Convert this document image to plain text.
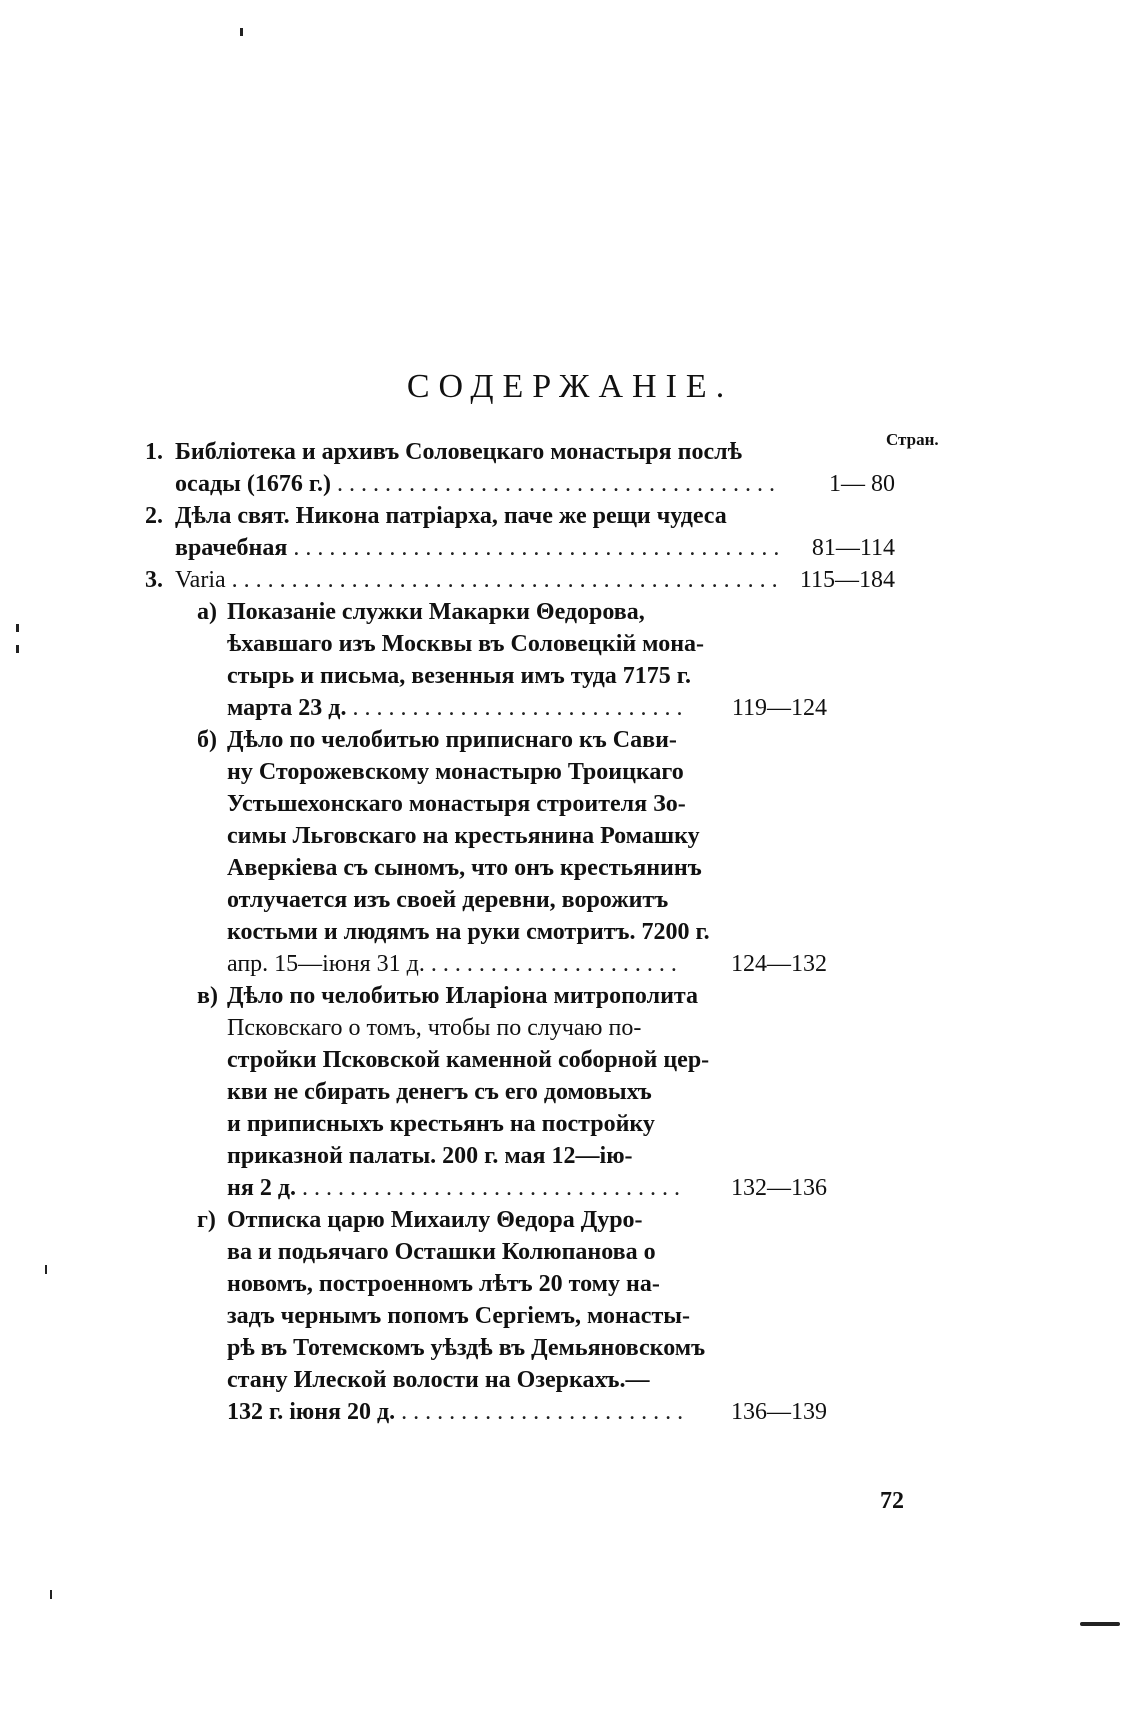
СОДЕРЖАНІЕ.
Стран.
1. Библіотека и архивъ Соловецкаго монастыря послѣ
осады (1676 г.) . . .	1— 80
2. Дѣла свят. Никона патріарха, паче же рещи чудеса
врачебная . . .	81—114
3. Varia . . .	115—184
а) Показаніе служки Макарки Θедорова,
ѣхавшаго изъ Москвы въ Соловецкій мона-
стырь и письма, везенныя имъ туда 7175 г.
марта 23 д. . . .	119—124
б) Дѣло по челобитью приписнаго къ Сави-
ну Сторожевскому монастырю Троицкаго
Устьшехонскаго монастыря строителя Зо-
симы Льговскаго на крестьянина Ромашку
Аверкіева съ сыномъ, что онъ крестьянинъ
отлучается изъ своей деревни, ворожитъ
костьми и людямъ на руки смотритъ. 7200 г.
апр. 15—іюня 31 д. . . .	124—132
в) Дѣло по челобитью Иларіона митрополита
Псковскаго о томъ, чтобы по случаю по-
стройки Псковской каменной соборной цер-
кви не сбирать денегъ съ его домовыхъ
и приписныхъ крестьянъ на постройку
приказной палаты. 200 г. мая 12—ію-
ня 2 д. . . .	132—136
г) Отписка царю Михаилу Θедора Дуро-
ва и подьячаго Осташки Колюпанова о
новомъ, построенномъ лѣтъ 20 тому на-
задъ чернымъ попомъ Сергіемъ, монасты-
рѣ въ Тотемскомъ уѣздѣ въ Демьяновскомъ
стану Илеской волости на Озеркахъ.—
132 г. іюня 20 д. . . .	136—139
72
